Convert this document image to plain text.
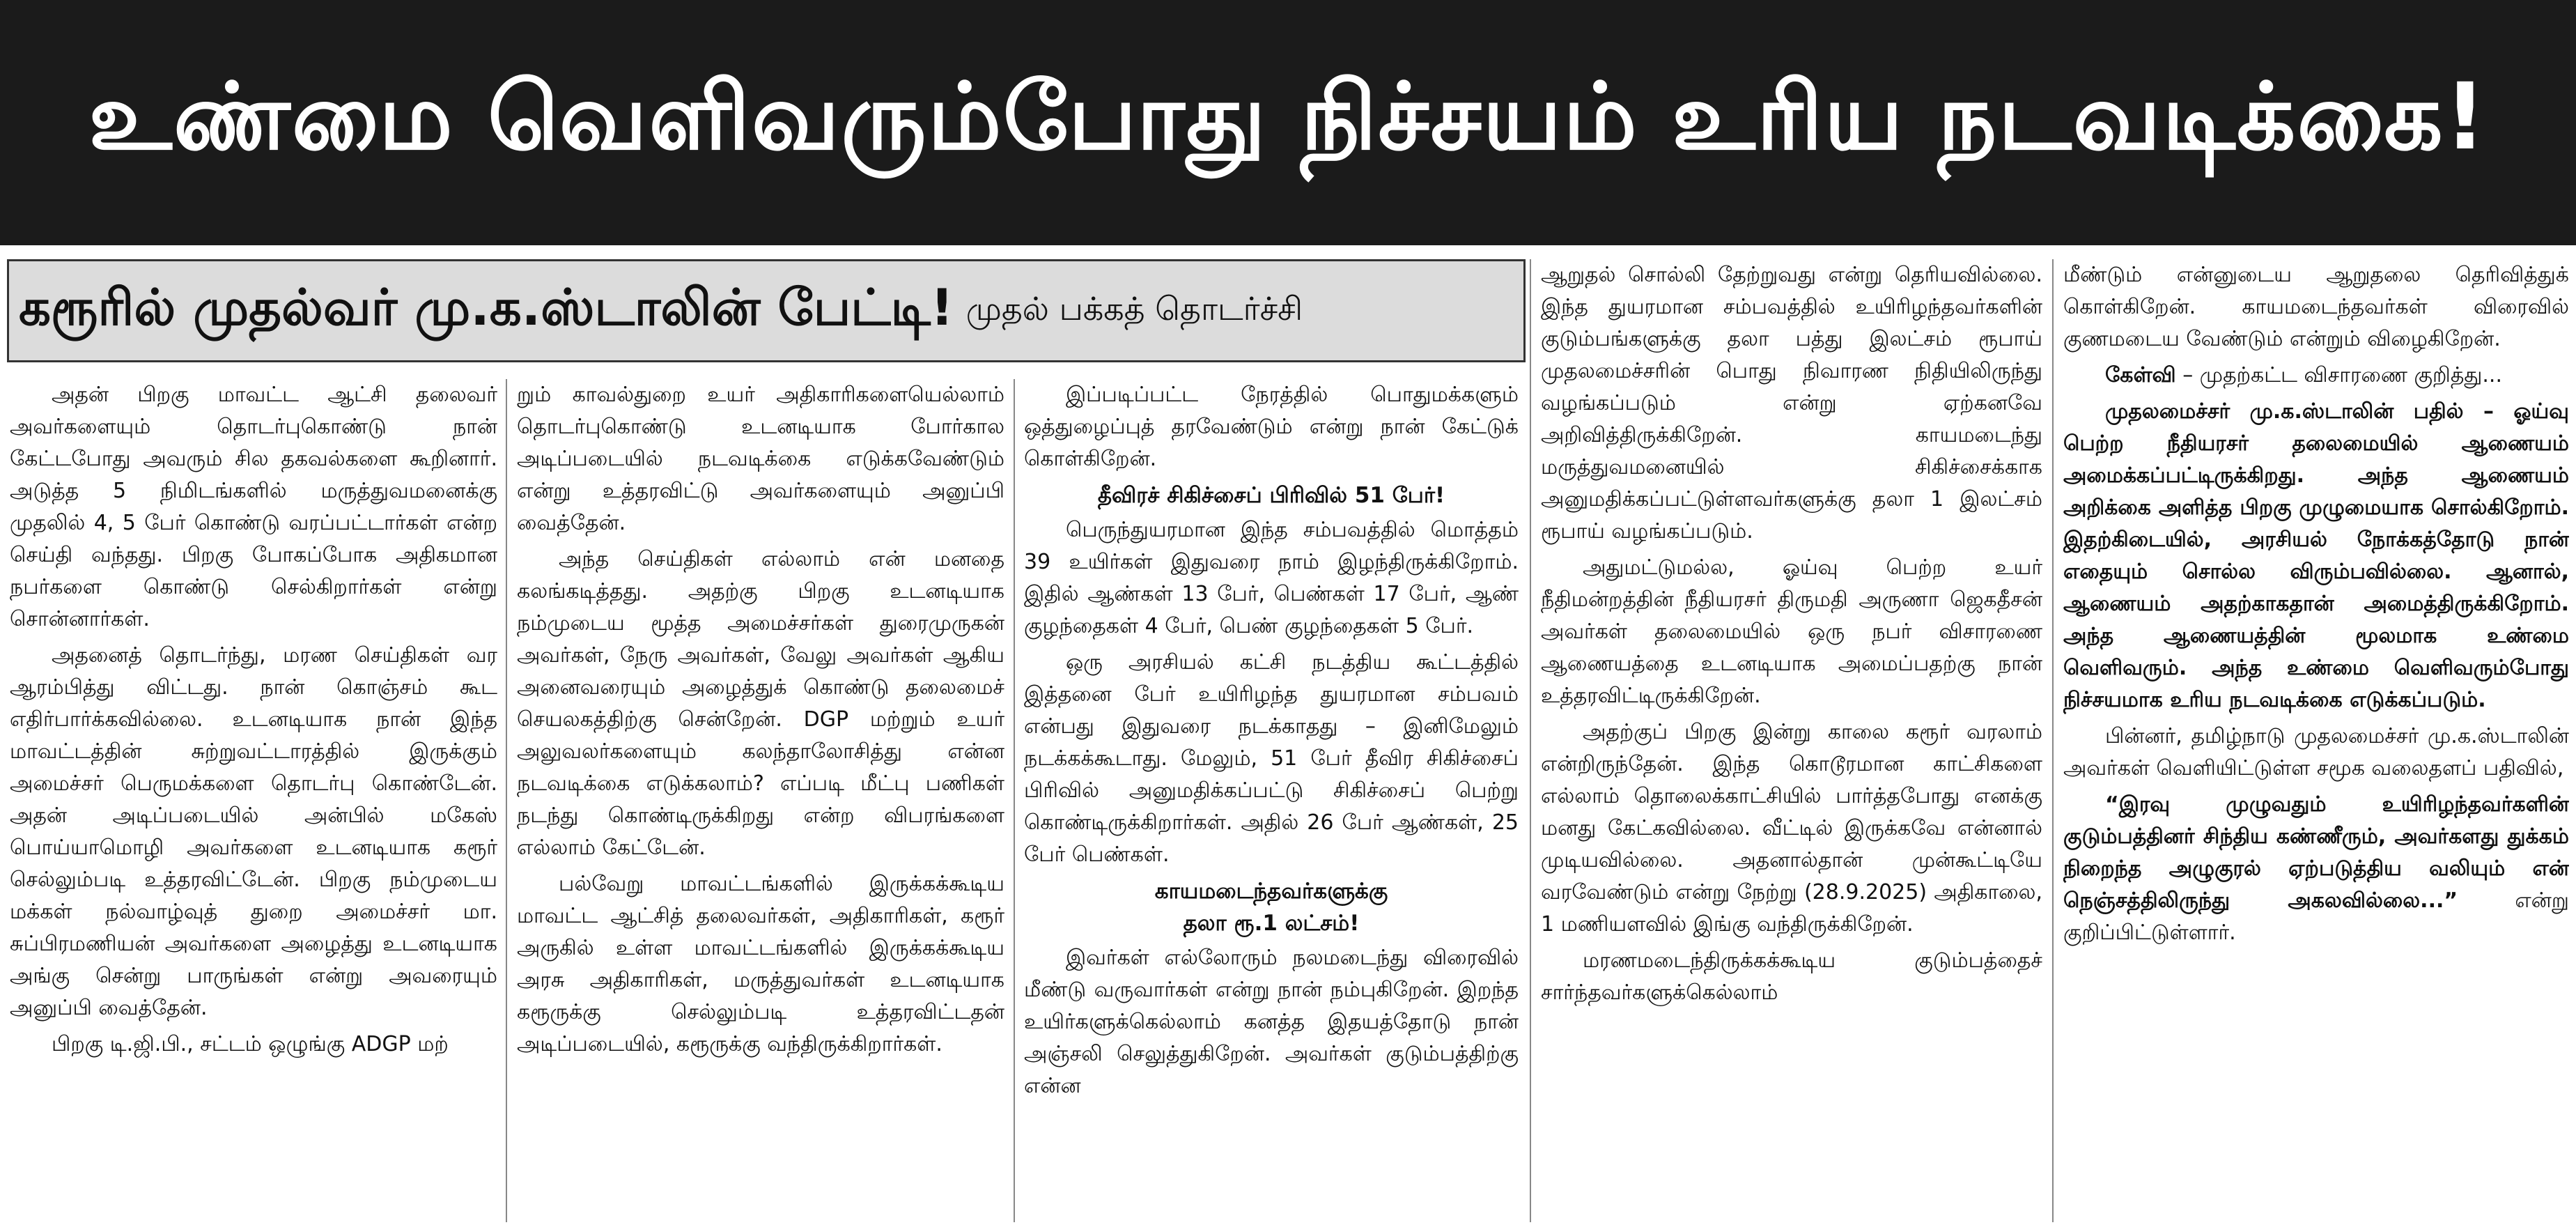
உண்மை வெளிவரும்போது நிச்சயம் உரிய நடவடிக்கை!
கரூரில் முதல்வர் மு.க.ஸ்டாலின் பேட்டி! முதல் பக்கத் தொடர்ச்சி

அதன் பிறகு மாவட்ட ஆட்சி தலைவர் அவர்களையும் தொடர்புகொண்டு நான் கேட்டபோது அவரும் சில தகவல்களை கூறினார். அடுத்த 5 நிமிடங்களில் மருத்துவமனைக்கு முதலில் 4, 5 பேர் கொண்டு வரப்பட்டார்கள் என்ற செய்தி வந்தது. பிறகு போகப்போக அதிகமான நபர்களை கொண்டு செல்கிறார்கள் என்று சொன்னார்கள்.

அதனைத் தொடர்ந்து, மரண செய்திகள் வர ஆரம்பித்து விட்டது. நான் கொஞ்சம் கூட எதிர்பார்க்கவில்லை. உடனடியாக நான் இந்த மாவட்டத்தின் சுற்றுவட்டாரத்தில் இருக்கும் அமைச்சர் பெருமக்களை தொடர்பு கொண்டேன். அதன் அடிப்படையில் அன்பில் மகேஸ் பொய்யாமொழி அவர்களை உடனடியாக கரூர் செல்லும்படி உத்தரவிட்டேன். பிறகு நம்முடைய மக்கள் நல்வாழ்வுத் துறை அமைச்சர் மா. சுப்பிரமணியன் அவர்களை அழைத்து உடனடியாக அங்கு சென்று பாருங்கள் என்று அவரையும் அனுப்பி வைத்தேன்.

பிறகு டி.ஜி.பி., சட்டம் ஒழுங்கு ADGP மற்

றும் காவல்துறை உயர் அதிகாரிகளையெல்லாம் தொடர்புகொண்டு உடனடியாக போர்கால அடிப்படையில் நடவடிக்கை எடுக்கவேண்டும் என்று உத்தரவிட்டு அவர்களையும் அனுப்பி வைத்தேன்.

அந்த செய்திகள் எல்லாம் என் மனதை கலங்கடித்தது. அதற்கு பிறகு உடனடியாக நம்முடைய மூத்த அமைச்சர்கள் துரைமுருகன் அவர்கள், நேரு அவர்கள், வேலு அவர்கள் ஆகிய அனைவரையும் அழைத்துக் கொண்டு தலைமைச் செயலகத்திற்கு சென்றேன். DGP மற்றும் உயர் அலுவலர்களையும் கலந்தாலோசித்து என்ன நடவடிக்கை எடுக்கலாம்? எப்படி மீட்பு பணிகள் நடந்து கொண்டிருக்கிறது என்ற விபரங்களை எல்லாம் கேட்டேன்.

பல்வேறு மாவட்டங்களில் இருக்கக்கூடிய மாவட்ட ஆட்சித் தலைவர்கள், அதிகாரிகள், கரூர் அருகில் உள்ள மாவட்டங்களில் இருக்கக்கூடிய அரசு அதிகாரிகள், மருத்துவர்கள் உடனடியாக கரூருக்கு செல்லும்படி உத்தரவிட்டதன் அடிப்படையில், கரூருக்கு வந்திருக்கிறார்கள்.

இப்படிப்பட்ட நேரத்தில் பொதுமக்களும் ஒத்துழைப்புத் தரவேண்டும் என்று நான் கேட்டுக் கொள்கிறேன்.

தீவிரச் சிகிச்சைப் பிரிவில் 51 பேர்!

பெருந்துயரமான இந்த சம்பவத்தில் மொத்தம் 39 உயிர்கள் இதுவரை நாம் இழந்திருக்கிறோம். இதில் ஆண்கள் 13 பேர், பெண்கள் 17 பேர், ஆண் குழந்தைகள் 4 பேர், பெண் குழந்தைகள் 5 பேர்.

ஒரு அரசியல் கட்சி நடத்திய கூட்டத்தில் இத்தனை பேர் உயிரிழந்த துயரமான சம்பவம் என்பது இதுவரை நடக்காதது – இனிமேலும் நடக்கக்கூடாது. மேலும், 51 பேர் தீவிர சிகிச்சைப் பிரிவில் அனுமதிக்கப்பட்டு சிகிச்சைப் பெற்று கொண்டிருக்கிறார்கள். அதில் 26 பேர் ஆண்கள், 25 பேர் பெண்கள்.

காயமடைந்தவர்களுக்கு
தலா ரூ.1 லட்சம்!

இவர்கள் எல்லோரும் நலமடைந்து விரைவில் மீண்டு வருவார்கள் என்று நான் நம்புகிறேன். இறந்த உயிர்களுக்கெல்லாம் கனத்த இதயத்தோடு நான் அஞ்சலி செலுத்துகிறேன். அவர்கள் குடும்பத்திற்கு என்ன

ஆறுதல் சொல்லி தேற்றுவது என்று தெரியவில்லை. இந்த துயரமான சம்பவத்தில் உயிரிழந்தவர்களின் குடும்பங்களுக்கு தலா பத்து இலட்சம் ரூபாய் முதலமைச்சரின் பொது நிவாரண நிதியிலிருந்து வழங்கப்படும் என்று ஏற்கனவே அறிவித்திருக்கிறேன். காயமடைந்து மருத்துவமனையில் சிகிச்சைக்காக அனுமதிக்கப்பட்டுள்ளவர்களுக்கு தலா 1 இலட்சம் ரூபாய் வழங்கப்படும்.

அதுமட்டுமல்ல, ஓய்வு பெற்ற உயர் நீதிமன்றத்தின் நீதியரசர் திருமதி அருணா ஜெகதீசன் அவர்கள் தலைமையில் ஒரு நபர் விசாரணை ஆணையத்தை உடனடியாக அமைப்பதற்கு நான் உத்தரவிட்டிருக்கிறேன்.

அதற்குப் பிறகு இன்று காலை கரூர் வரலாம் என்றிருந்தேன். இந்த கொடூரமான காட்சிகளை எல்லாம் தொலைக்காட்சியில் பார்த்தபோது எனக்கு மனது கேட்கவில்லை. வீட்டில் இருக்கவே என்னால் முடியவில்லை. அதனால்தான் முன்கூட்டியே வரவேண்டும் என்று நேற்று (28.9.2025) அதிகாலை, 1 மணியளவில் இங்கு வந்திருக்கிறேன்.

மரணமடைந்திருக்கக்கூடிய குடும்பத்தைச் சார்ந்தவர்களுக்கெல்லாம்

மீண்டும் என்னுடைய ஆறுதலை தெரிவித்துக் கொள்கிறேன். காயமடைந்தவர்கள் விரைவில் குணமடைய வேண்டும் என்றும் விழைகிறேன்.

கேள்வி – முதற்கட்ட விசாரணை குறித்து...

முதலமைச்சர் மு.க.ஸ்டாலின் பதில் – ஓய்வு பெற்ற நீதியரசர் தலைமையில் ஆணையம் அமைக்கப்பட்டிருக்கிறது. அந்த ஆணையம் அறிக்கை அளித்த பிறகு முழுமையாக சொல்கிறோம். இதற்கிடையில், அரசியல் நோக்கத்தோடு நான் எதையும் சொல்ல விரும்பவில்லை. ஆனால், ஆணையம் அதற்காகதான் அமைத்திருக்கிறோம். அந்த ஆணையத்தின் மூலமாக உண்மை வெளிவரும். அந்த உண்மை வெளிவரும்போது நிச்சயமாக உரிய நடவடிக்கை எடுக்கப்படும்.

பின்னர், தமிழ்நாடு முதலமைச்சர் மு.க.ஸ்டாலின் அவர்கள் வெளியிட்டுள்ள சமூக வலைதளப் பதிவில்,

“இரவு முழுவதும் உயிரிழந்தவர்களின் குடும்பத்தினர் சிந்திய கண்ணீரும், அவர்களது துக்கம் நிறைந்த அழுகுரல் ஏற்படுத்திய வலியும் என் நெஞ்சத்திலிருந்து அகலவில்லை...” என்று குறிப்பிட்டுள்ளார்.
